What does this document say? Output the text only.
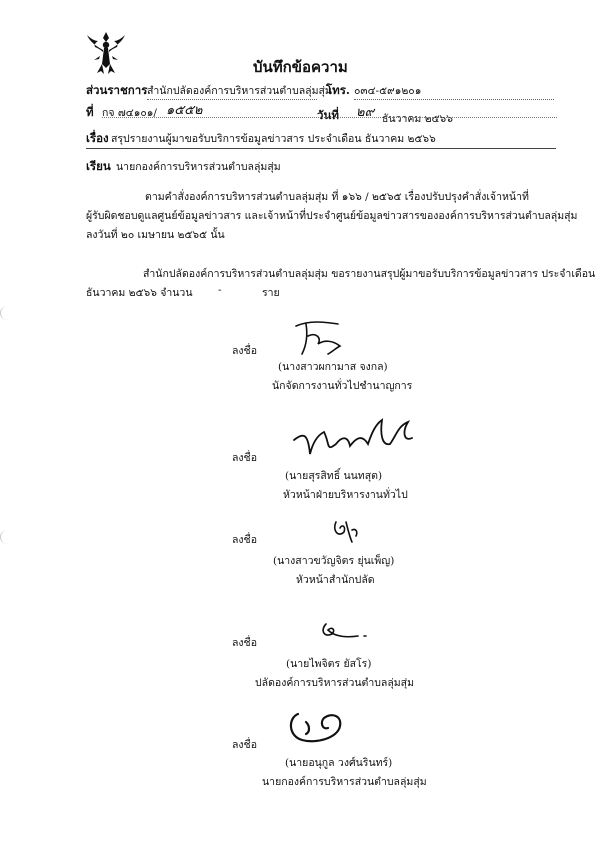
บันทึกข้อความ
ส่วนราชการ สำนักปลัดองค์การบริหารส่วนตำบลลุ่มสุ่ม
โทร. ๐๓๔-๕๙๑๒๐๑
ที่ กจ ๗๔๑๐๑/ ๑๕๕๒	วันที่ ๒๙ ธันวาคม ๒๕๖๖
เรื่อง สรุปรายงานผู้มาขอรับบริการข้อมูลข่าวสาร ประจำเดือน ธันวาคม ๒๕๖๖
เรียน นายกองค์การบริหารส่วนตำบลลุ่มสุ่ม
ตามคำสั่งองค์การบริหารส่วนตำบลลุ่มสุ่ม ที่ ๑๖๖ / ๒๕๖๕ เรื่องปรับปรุงคำสั่งเจ้าหน้าที่
ผู้รับผิดชอบดูแลศูนย์ข้อมูลข่าวสาร และเจ้าหน้าที่ประจำศูนย์ข้อมูลข่าวสารขององค์การบริหารส่วนตำบลลุ่มสุ่ม
ลงวันที่ ๒๐ เมษายน ๒๕๖๕ นั้น
สำนักปลัดองค์การบริหารส่วนตำบลลุ่มสุ่ม ขอรายงานสรุปผู้มาขอรับบริการข้อมูลข่าวสาร ประจำเดือน
ธันวาคม ๒๕๖๖ จำนวน -	ราย
ลงชื่อ
(นางสาวผกามาส จงกล)
นักจัดการงานทั่วไปชำนาญการ
ลงชื่อ
(นายสุรสิทธิ์ นนทสุต)
หัวหน้าฝ่ายบริหารงานทั่วไป
ลงชื่อ
(นางสาวขวัญจิตร ยุ่นเพ็ญ)
หัวหน้าสำนักปลัด
ลงชื่อ
(นายไพจิตร ยัสโร)
ปลัดองค์การบริหารส่วนตำบลลุ่มสุ่ม
ลงชื่อ
(นายอนุกูล วงศ์นรินทร์)
นายกองค์การบริหารส่วนตำบลลุ่มสุ่ม
